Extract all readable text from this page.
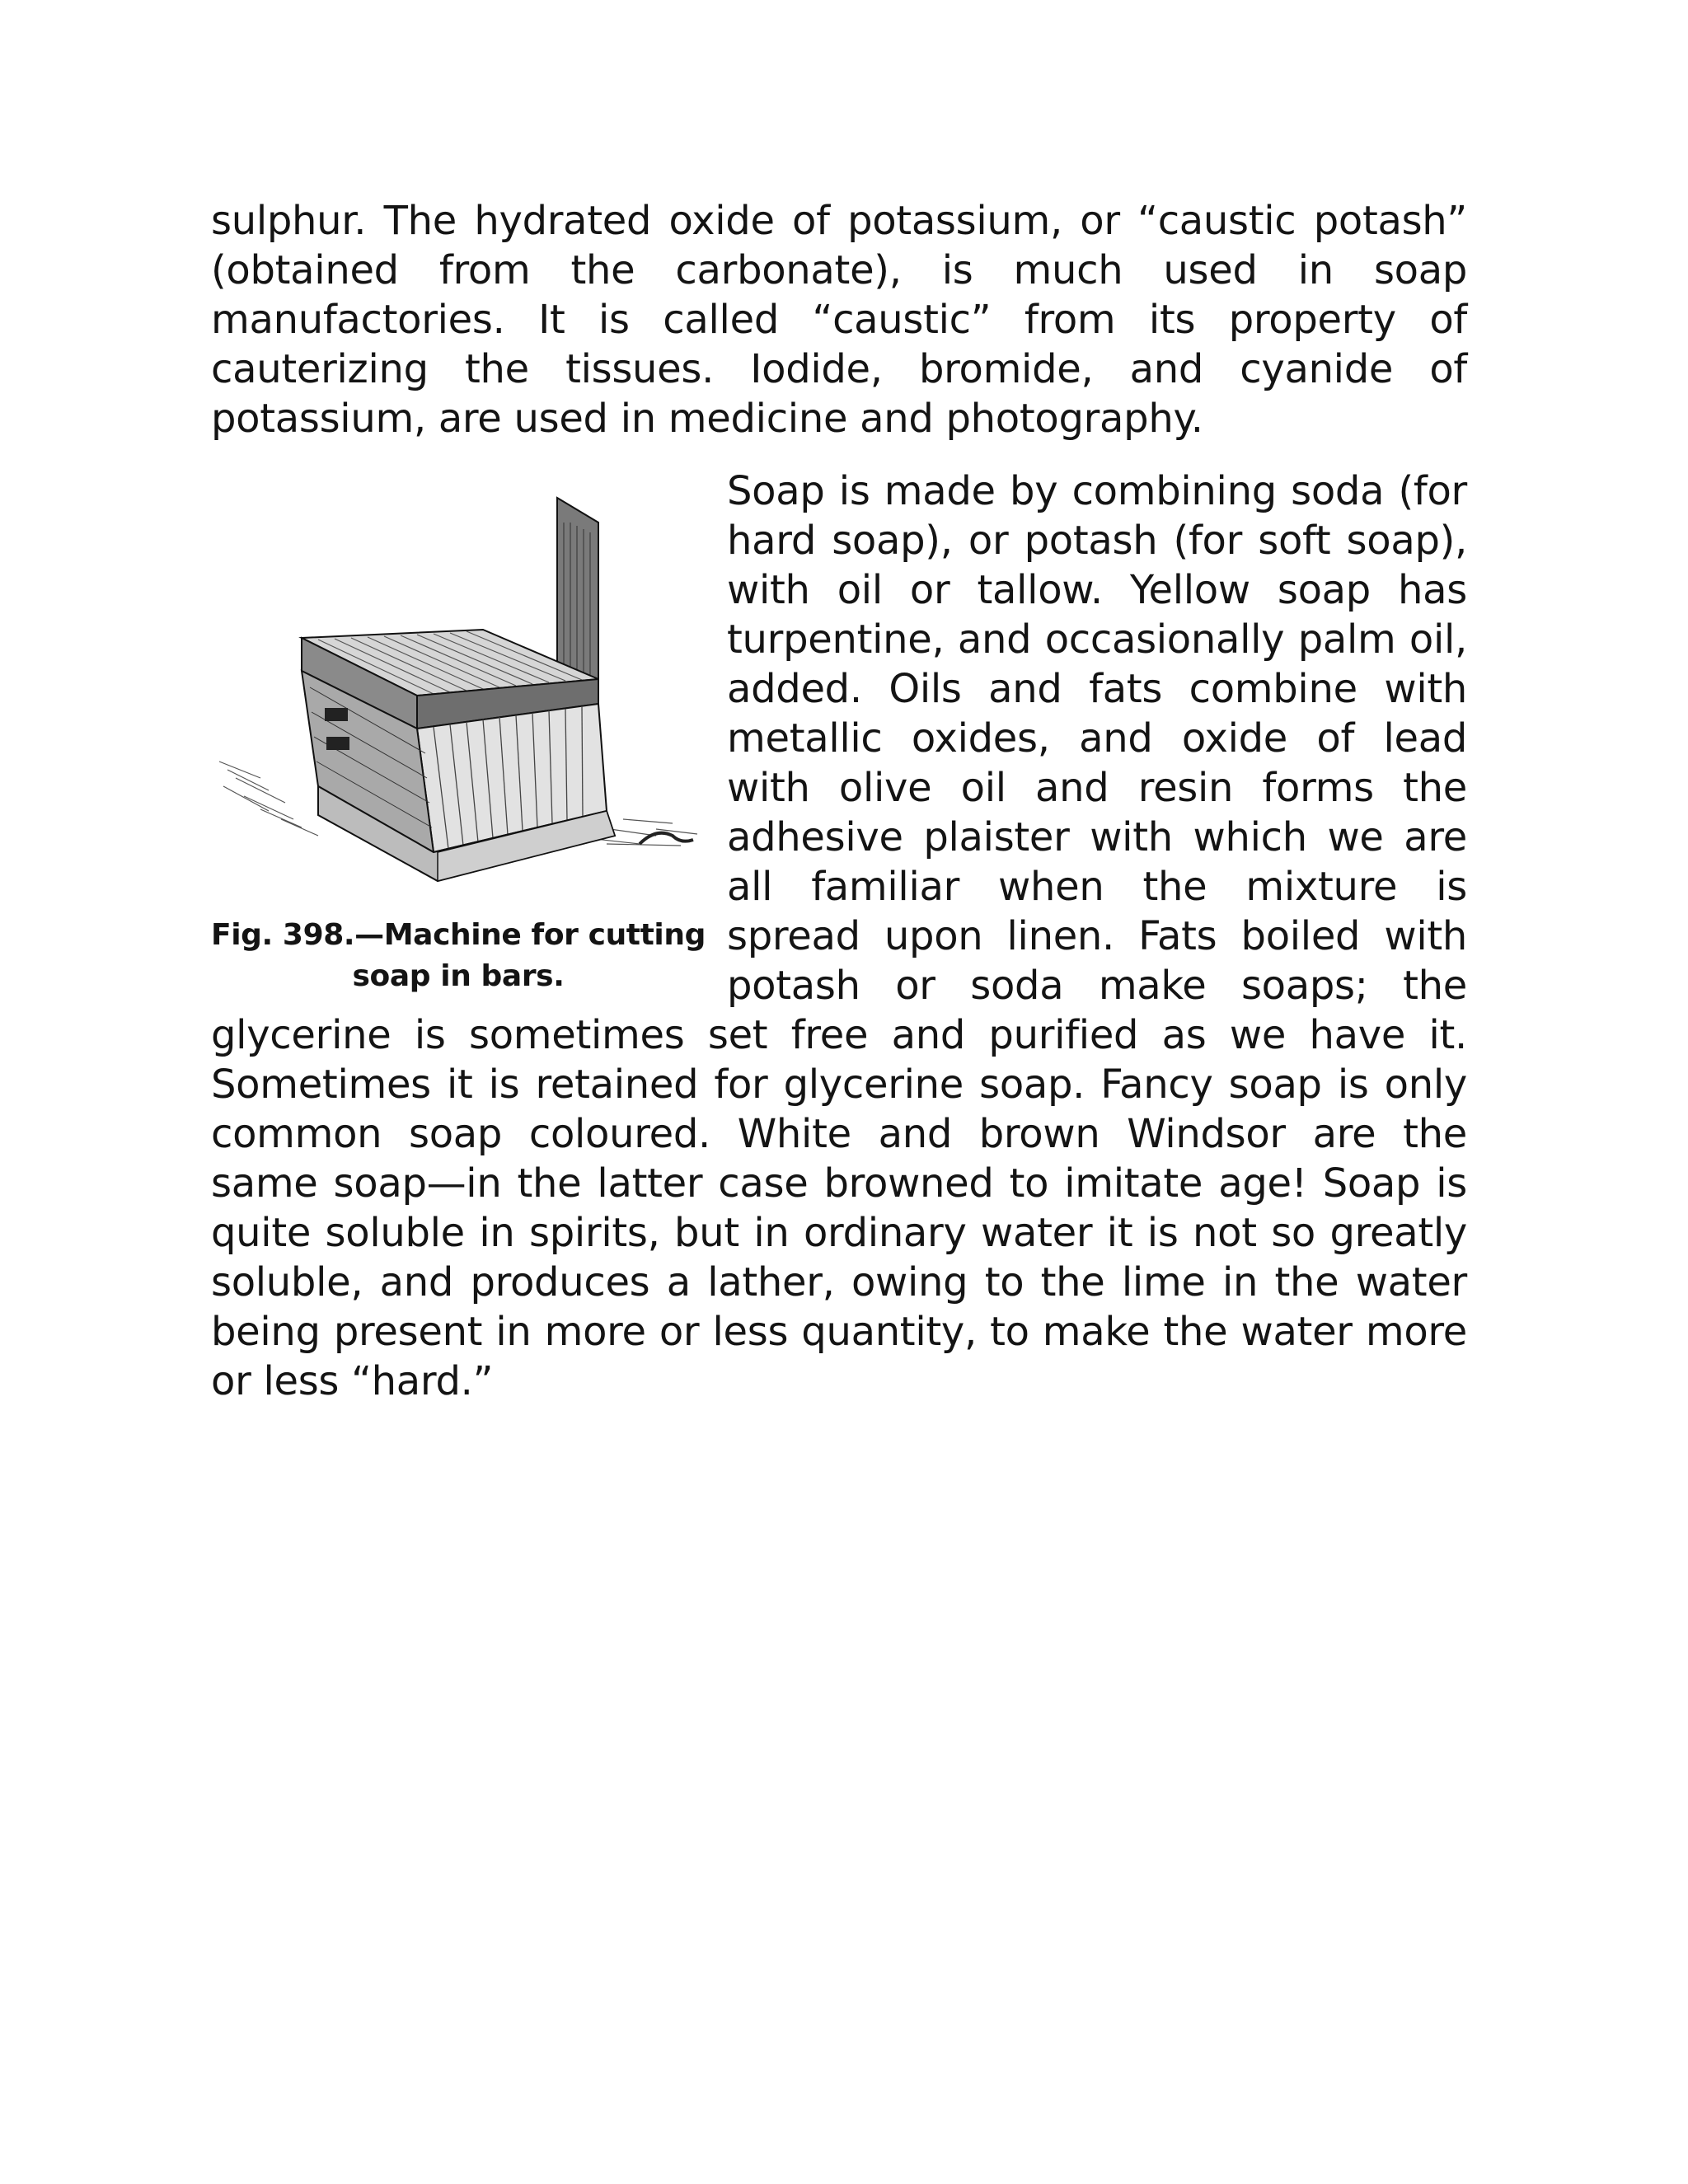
sulphur. The hydrated oxide of potassium, or “caustic potash” (obtained from the carbonate), is much used in soap manufactories. It is called “caustic” from its property of cauterizing the tissues. Iodide, bromide, and cyanide of potassium, are used in medicine and photography.

Fig. 398.—Machine for cutting soap in bars.

Soap is made by combining soda (for hard soap), or potash (for soft soap), with oil or tallow. Yellow soap has turpentine, and occasionally palm oil, added. Oils and fats combine with metallic oxides, and oxide of lead with olive oil and resin forms the adhesive plaister with which we are all familiar when the mixture is spread upon linen. Fats boiled with potash or soda make soaps; the glycerine is sometimes set free and purified as we have it. Sometimes it is retained for glycerine soap. Fancy soap is only common soap coloured. White and brown Windsor are the same soap—in the latter case browned to imitate age! Soap is quite soluble in spirits, but in ordinary water it is not so greatly soluble, and produces a lather, owing to the lime in the water being present in more or less quantity, to make the water more or less “hard.”
